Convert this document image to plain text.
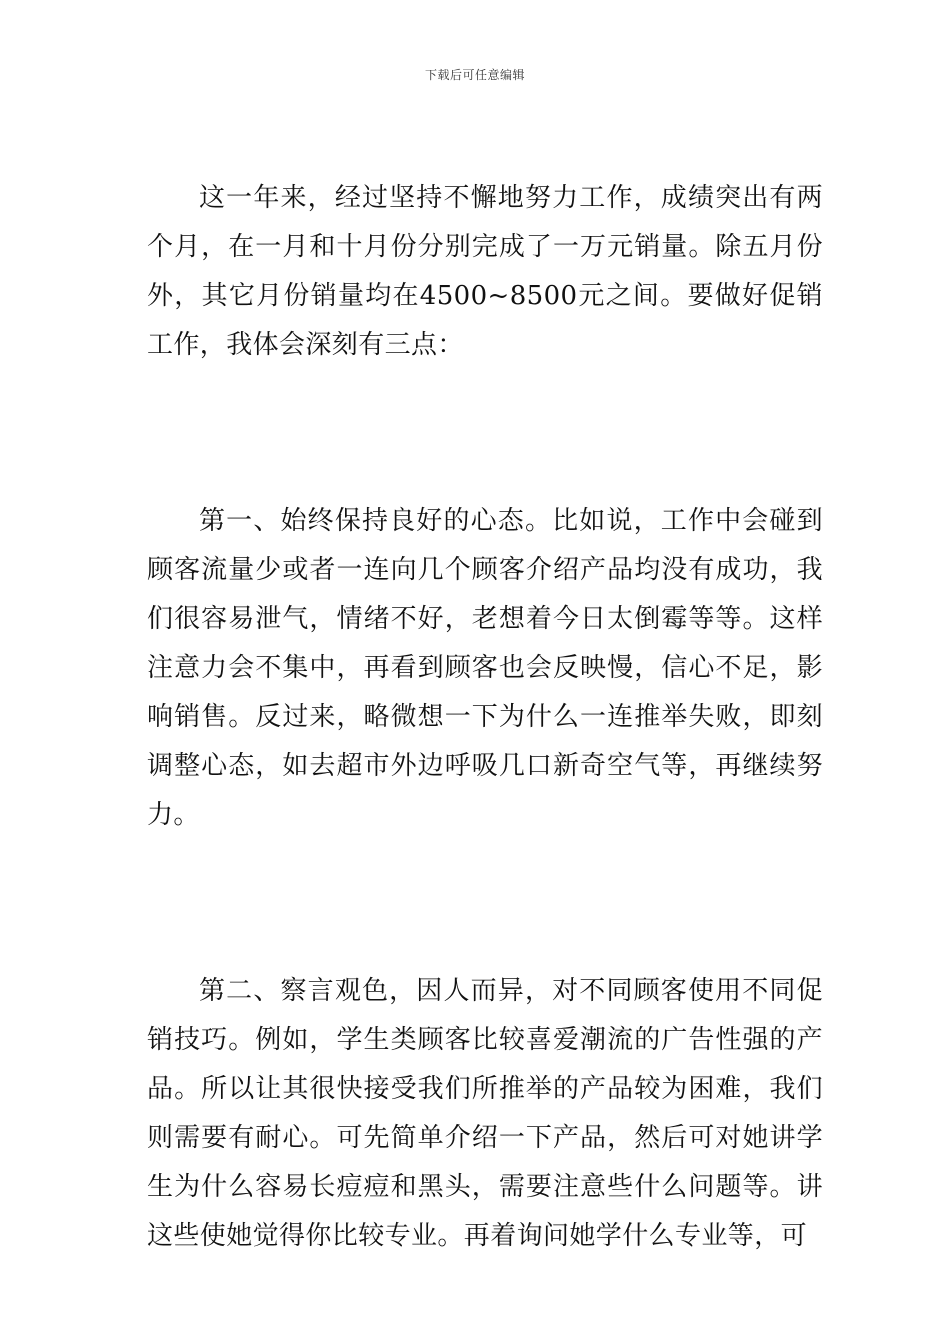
下载后可任意编辑

这一年来，经过坚持不懈地努力工作，成绩突出有两个月，在一月和十月份分别完成了一万元销量。除五月份外，其它月份销量均在4500~8500元之间。要做好促销工作，我体会深刻有三点：

第一、始终保持良好的心态。比如说，工作中会碰到顾客流量少或者一连向几个顾客介绍产品均没有成功，我们很容易泄气，情绪不好，老想着今日太倒霉等等。这样注意力会不集中，再看到顾客也会反映慢，信心不足，影响销售。反过来，略微想一下为什么一连推举失败，即刻调整心态，如去超市外边呼吸几口新奇空气等，再继续努力。

第二、察言观色，因人而异，对不同顾客使用不同促销技巧。例如，学生类顾客比较喜爱潮流的广告性强的产品。所以让其很快接受我们所推举的产品较为困难，我们则需要有耐心。可先简单介绍一下产品，然后可对她讲学生为什么容易长痘痘和黑头，需要注意些什么问题等。讲这些使她觉得你比较专业。再着询问她学什么专业等，可
